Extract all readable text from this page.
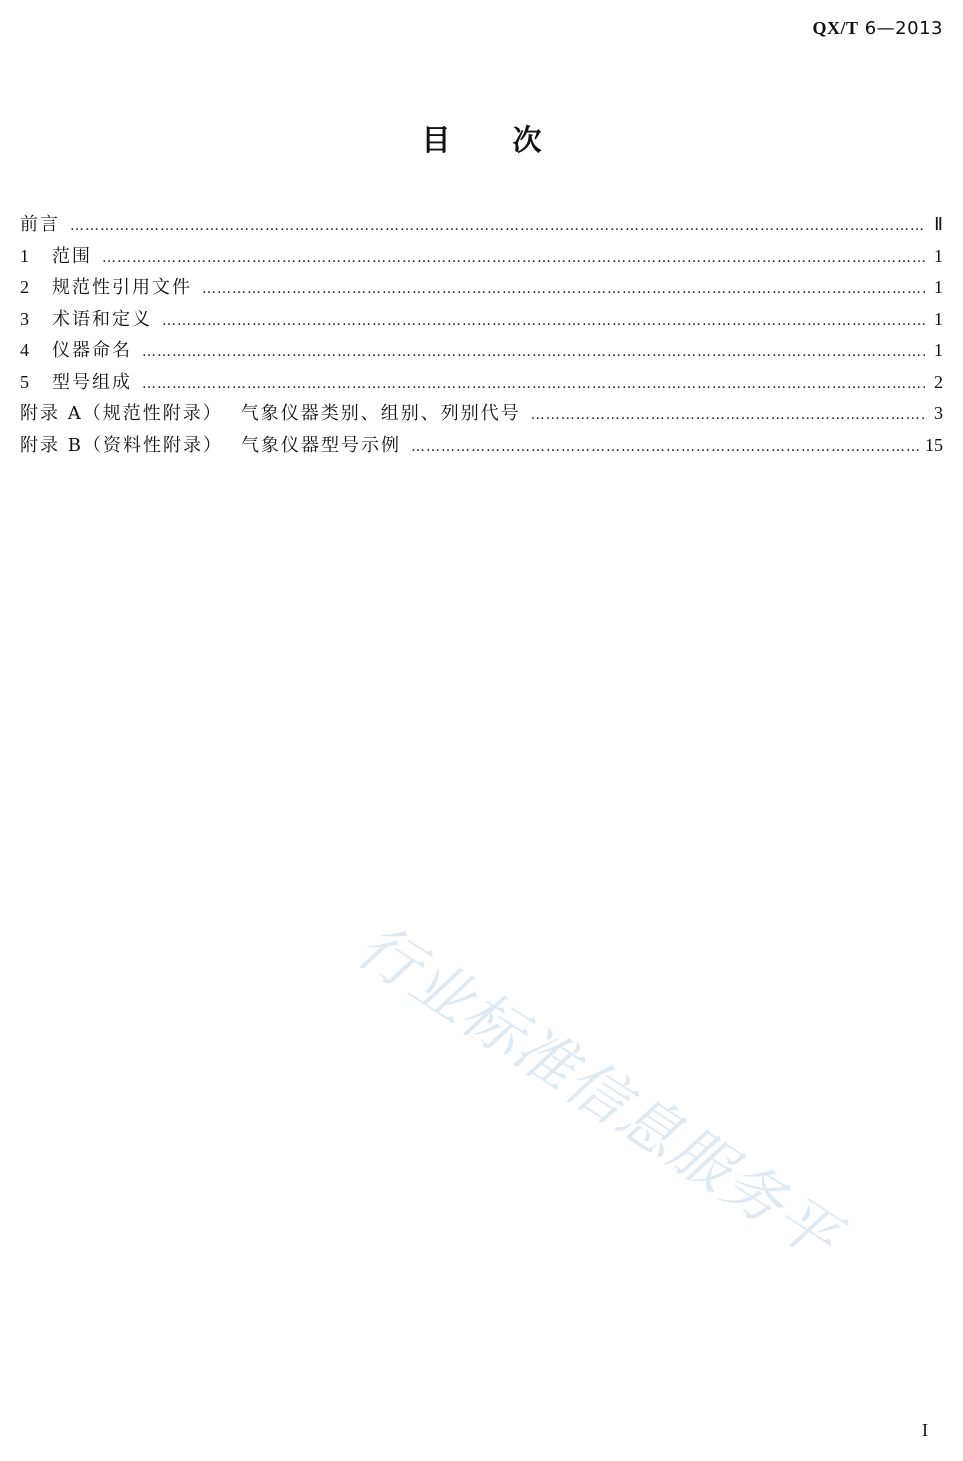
QX/T 6—2013
目 次
前言 ……………………………………………………………………………………………………………………………………………………………………………………………………………………………………………………………………………………………………	Ⅱ
1	范围 ……………………………………………………………………………………………………………………………………………………………………………………………………………………………………………………………………………………………………	1
2	规范性引用文件 ……………………………………………………………………………………………………………………………………………………………………………………………………………………………………………………………………………………………………	1
3	术语和定义 ……………………………………………………………………………………………………………………………………………………………………………………………………………………………………………………………………………………………………	1
4	仪器命名 ……………………………………………………………………………………………………………………………………………………………………………………………………………………………………………………………………………………………………	1
5	型号组成 ……………………………………………………………………………………………………………………………………………………………………………………………………………………………………………………………………………………………………	2
附录 A（规范性附录） 气象仪器类别、组别、列别代号 ……………………………………………………………………………………………………………………………………………………………………………………………………………………………………………………………………………………………………	3
附录 B（资料性附录） 气象仪器型号示例 ……………………………………………………………………………………………………………………………………………………………………………………………………………………………………………………………………………………………………	15
行业标准信息服务平
I
